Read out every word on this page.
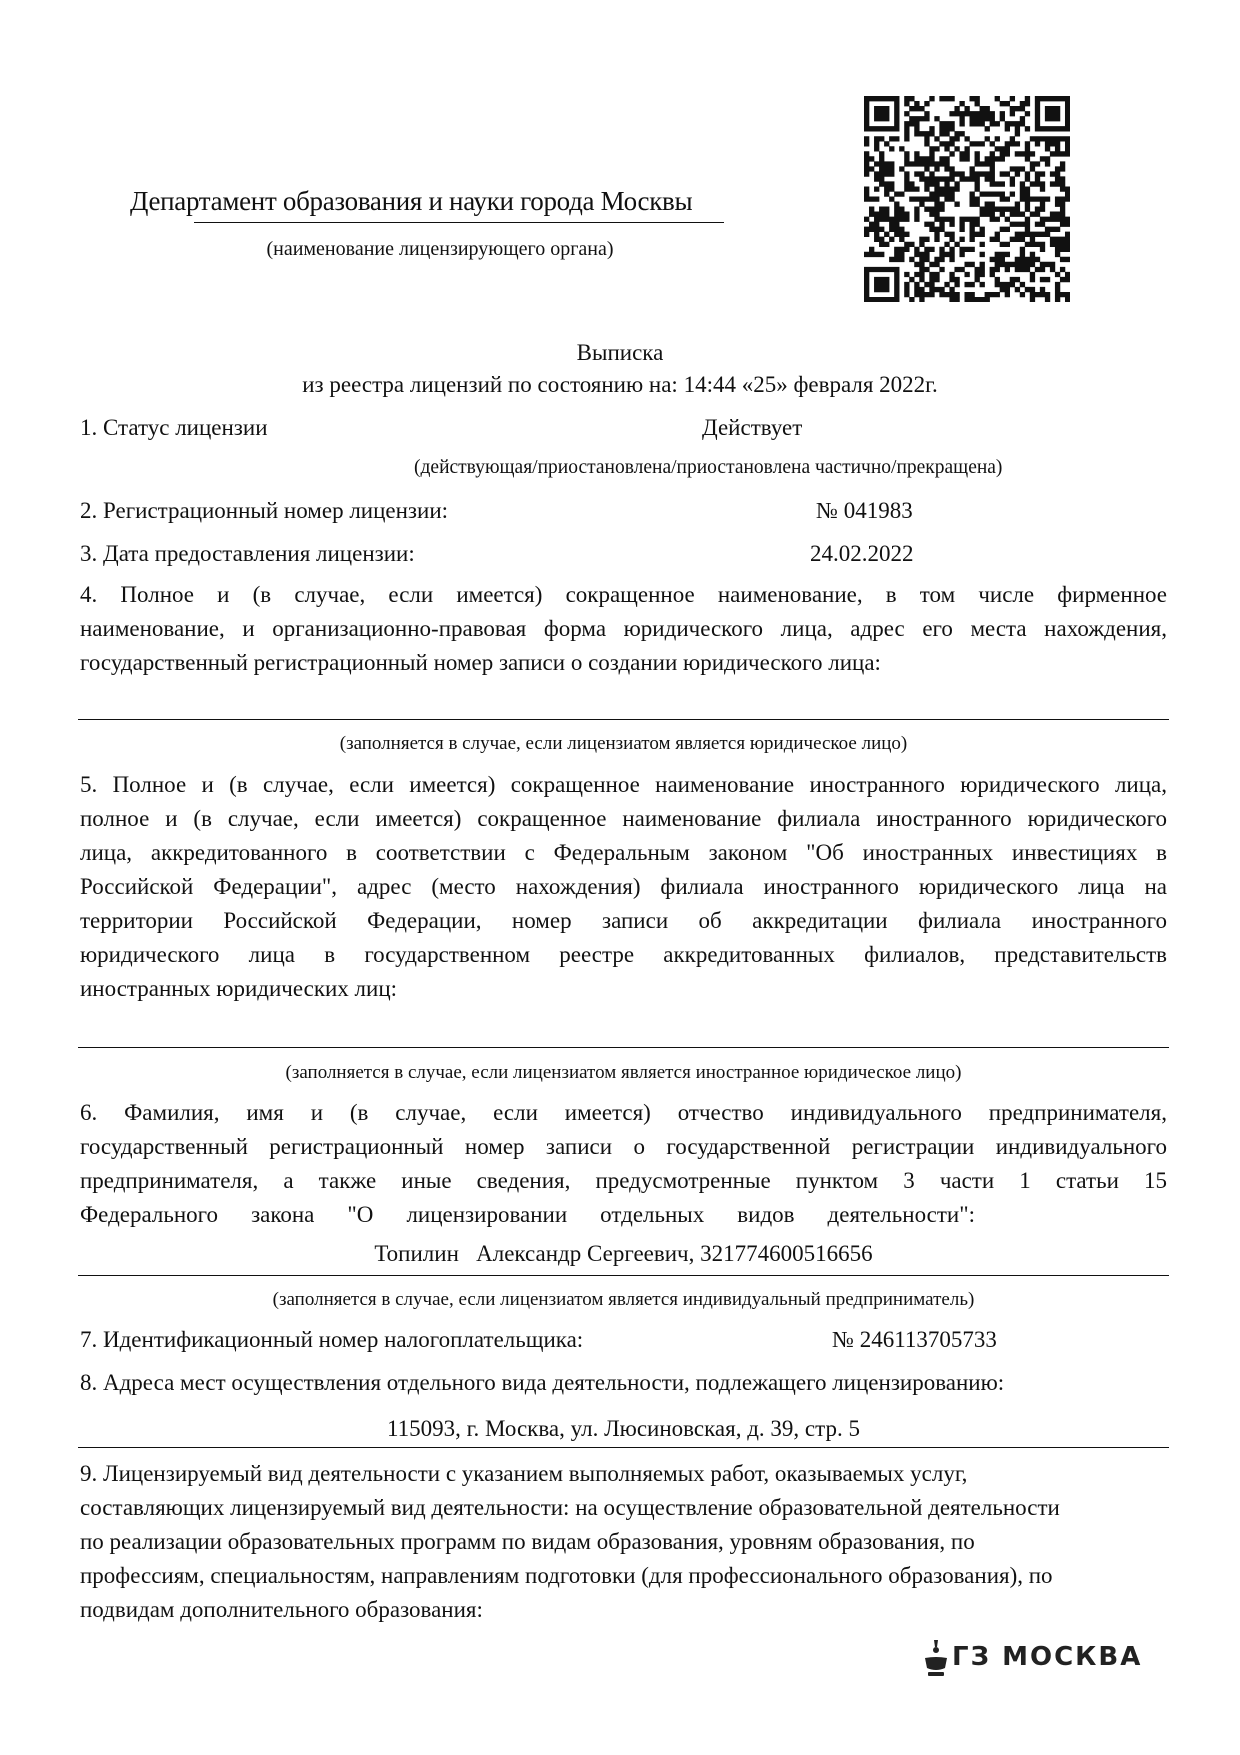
Департамент образования и науки города Москвы
(наименование лицензирующего органа)
Выписка
из реестра лицензий по состоянию на: 14:44 «25» февраля 2022г.
1. Статус лицензии	Действует
(действующая/приостановлена/приостановлена частично/прекращена)
2. Регистрационный номер лицензии:	№ 041983
3. Дата предоставления лицензии:	24.02.2022
4. Полное и (в случае, если имеется) сокращенное наименование, в том числе фирменное
наименование, и организационно-правовая форма юридического лица, адрес его места нахождения,
государственный регистрационный номер записи о создании юридического лица:
(заполняется в случае, если лицензиатом является юридическое лицо)
5. Полное и (в случае, если имеется) сокращенное наименование иностранного юридического лица,
полное и (в случае, если имеется) сокращенное наименование филиала иностранного юридического
лица, аккредитованного в соответствии с Федеральным законом "Об иностранных инвестициях в
Российской Федерации", адрес (место нахождения) филиала иностранного юридического лица на
территории Российской Федерации, номер записи об аккредитации филиала иностранного
юридического лица в государственном реестре аккредитованных филиалов, представительств
иностранных юридических лиц:
(заполняется в случае, если лицензиатом является иностранное юридическое лицо)
6. Фамилия, имя и (в случае, если имеется) отчество индивидуального предпринимателя,
государственный регистрационный номер записи о государственной регистрации индивидуального
предпринимателя, а также иные сведения, предусмотренные пунктом 3 части 1 статьи 15
Федерального закона "О лицензировании отдельных видов деятельности":
Топилин   Александр Сергеевич, 321774600516656
(заполняется в случае, если лицензиатом является индивидуальный предприниматель)
7. Идентификационный номер налогоплательщика:	№ 246113705733
8. Адреса мест осуществления отдельного вида деятельности, подлежащего лицензированию:
115093, г. Москва, ул. Люсиновская, д. 39, стр. 5
9. Лицензируемый вид деятельности с указанием выполняемых работ, оказываемых услуг,
составляющих лицензируемый вид деятельности: на осуществление образовательной деятельности
по реализации образовательных программ по видам образования, уровням образования, по
профессиям, специальностям, направлениям подготовки (для профессионального образования), по
подвидам дополнительного образования:
ГЗ МОСКВА
